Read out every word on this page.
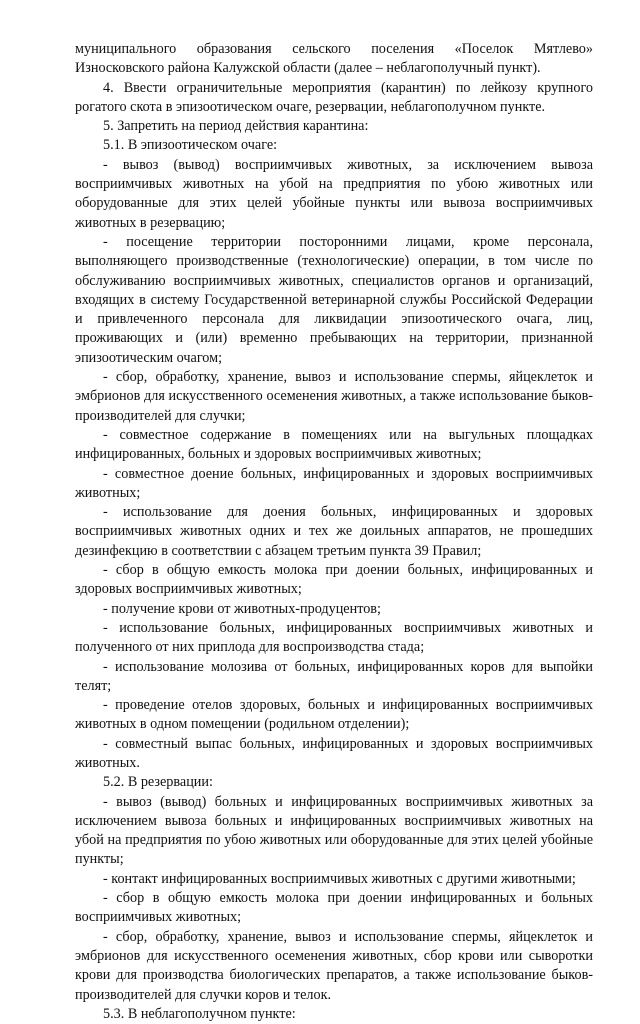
муниципального образования сельского поселения «Поселок Мятлево» Износковского района Калужской области (далее – неблагополучный пункт).

4. Ввести ограничительные мероприятия (карантин) по лейкозу крупного рогатого скота в эпизоотическом очаге, резервации, неблагополучном пункте.

5. Запретить на период действия карантина:

5.1. В эпизоотическом очаге:

- вывоз (вывод) восприимчивых животных, за исключением вывоза восприимчивых животных на убой на предприятия по убою животных или оборудованные для этих целей убойные пункты или вывоза восприимчивых животных в резервацию;

- посещение территории посторонними лицами, кроме персонала, выполняющего производственные (технологические) операции, в том числе по обслуживанию восприимчивых животных, специалистов органов и организаций, входящих в систему Государственной ветеринарной службы Российской Федерации и привлеченного персонала для ликвидации эпизоотического очага, лиц, проживающих и (или) временно пребывающих на территории, признанной эпизоотическим очагом;

- сбор, обработку, хранение, вывоз и использование спермы, яйцеклеток и эмбрионов для искусственного осеменения животных, а также использование быков-производителей для случки;

- совместное содержание в помещениях или на выгульных площадках инфицированных, больных и здоровых восприимчивых животных;

- совместное доение больных, инфицированных и здоровых восприимчивых животных;

- использование для доения больных, инфицированных и здоровых восприимчивых животных одних и тех же доильных аппаратов, не прошедших дезинфекцию в соответствии с абзацем третьим пункта 39 Правил;

- сбор в общую емкость молока при доении больных, инфицированных и здоровых восприимчивых животных;

- получение крови от животных-продуцентов;

- использование больных, инфицированных восприимчивых животных и полученного от них приплода для воспроизводства стада;

- использование молозива от больных, инфицированных коров для выпойки телят;

- проведение отелов здоровых, больных и инфицированных восприимчивых животных в одном помещении (родильном отделении);

- совместный выпас больных, инфицированных и здоровых восприимчивых животных.

5.2. В резервации:

- вывоз (вывод) больных и инфицированных восприимчивых животных за исключением вывоза больных и инфицированных восприимчивых животных на убой на предприятия по убою животных или оборудованные для этих целей убойные пункты;

- контакт инфицированных восприимчивых животных с другими животными;

- сбор в общую емкость молока при доении инфицированных и больных восприимчивых животных;

- сбор, обработку, хранение, вывоз и использование спермы, яйцеклеток и эмбрионов для искусственного осеменения животных, сбор крови или сыворотки крови для производства биологических препаратов, а также использование быков-производителей для случки коров и телок.

5.3. В неблагополучном пункте:
